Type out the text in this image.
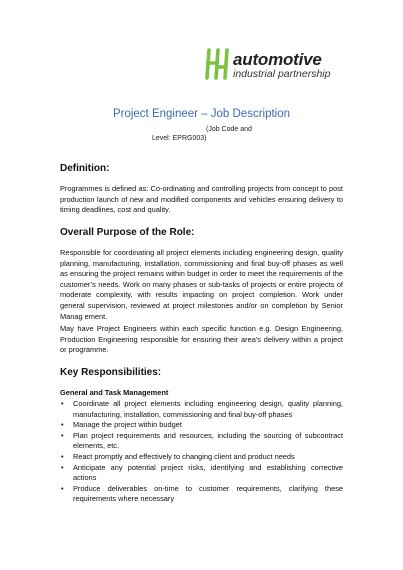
automotive
industrial partnership
Project Engineer – Job Description
(Job Code and
Level: EPRG003)
Definition:

Programmes is defined as: Co-ordinating and controlling projects from concept to post production launch of new and modified components and vehicles ensuring delivery to timing deadlines, cost and quality.

Overall Purpose of the Role:

Responsible for coordinating all project elements including engineering design, quality planning, manufacturing, installation, commissioning and final buy-off phases as well as ensuring the project remains within budget in order to meet the requirements of the customer’s needs. Work on many phases or sub-tasks of projects or entire projects of moderate complexity, with results impacting on project completion. Work under general supervision, reviewed at project milestones and/or on completion by Senior Manag ement.

May have Project Engineers within each specific function e.g. Design Engineering, Production Engineering responsible for ensuring their area's delivery within a project or programme.

Key Responsibilities:
General and Task Management
• Coordinate all project elements including engineering design, quality planning, manufacturing, installation, commissioning and final buy-off phases
• Manage the project within budget
• Plan project requirements and resources, including the sourcing of subcontract elements, etc.
• React promptly and effectively to changing client and product needs
• Anticipate any potential project risks, identifying and establishing corrective actions
• Produce deliverables on-time to customer requirements, clarifying these requirements where necessary
